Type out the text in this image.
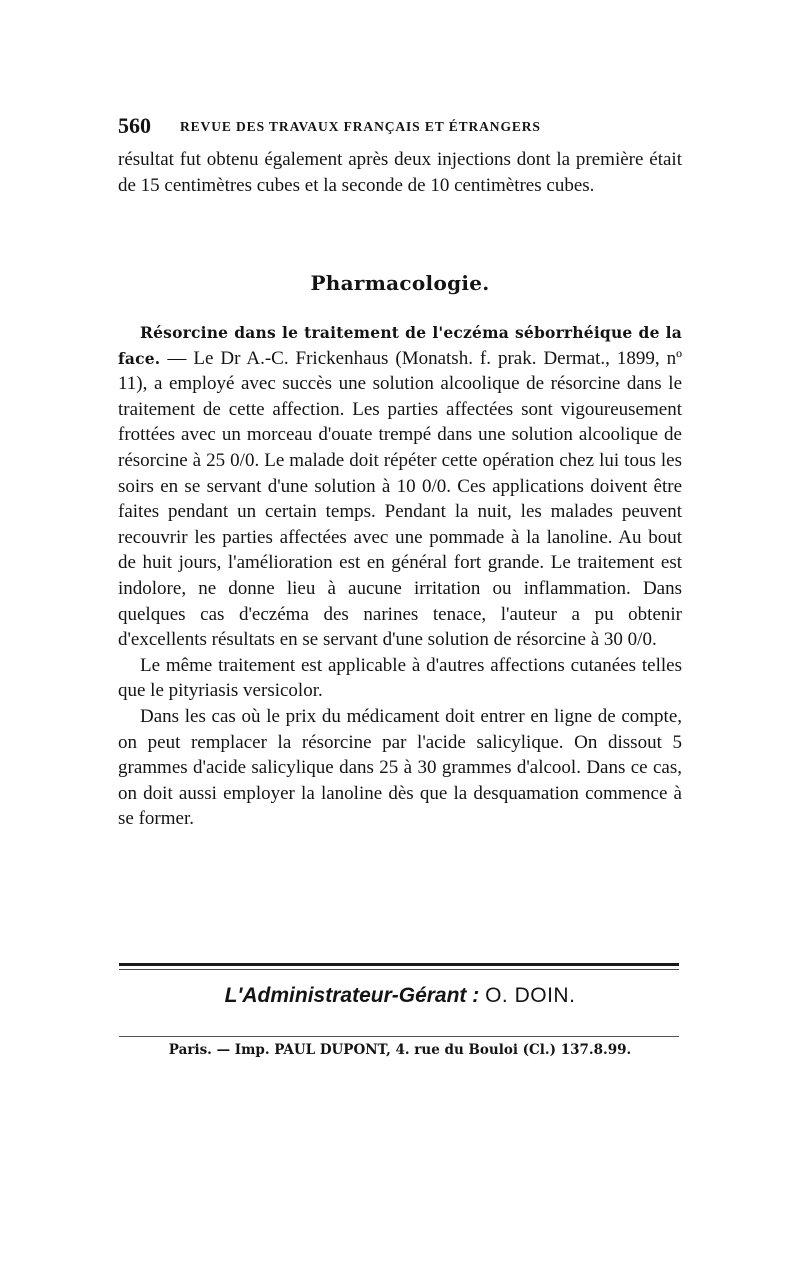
560 REVUE DES TRAVAUX FRANÇAIS ET ÉTRANGERS

résultat fut obtenu également après deux injections dont la première était de 15 centimètres cubes et la seconde de 10 centimètres cubes.

Pharmacologie.

Résorcine dans le traitement de l'eczéma séborrhéique de la face. — Le Dr A.-C. Frickenhaus (Monatsh. f. prak. Dermat., 1899, nº 11), a employé avec succès une solution alcoolique de résorcine dans le traitement de cette affection. Les parties affectées sont vigoureusement frottées avec un morceau d'ouate trempé dans une solution alcoolique de résorcine à 25 0/0. Le malade doit répéter cette opération chez lui tous les soirs en se servant d'une solution à 10 0/0. Ces applications doivent être faites pendant un certain temps. Pendant la nuit, les malades peuvent recouvrir les parties affectées avec une pommade à la lanoline. Au bout de huit jours, l'amélioration est en général fort grande. Le traitement est indolore, ne donne lieu à aucune irritation ou inflammation. Dans quelques cas d'eczéma des narines tenace, l'auteur a pu obtenir d'excellents résultats en se servant d'une solution de résorcine à 30 0/0.

Le même traitement est applicable à d'autres affections cutanées telles que le pityriasis versicolor.

Dans les cas où le prix du médicament doit entrer en ligne de compte, on peut remplacer la résorcine par l'acide salicylique. On dissout 5 grammes d'acide salicylique dans 25 à 30 grammes d'alcool. Dans ce cas, on doit aussi employer la lanoline dès que la desquamation commence à se former.

L'Administrateur-Gérant : O. DOIN.
Paris. — Imp. PAUL DUPONT, 4. rue du Bouloi (Cl.) 137.8.99.
